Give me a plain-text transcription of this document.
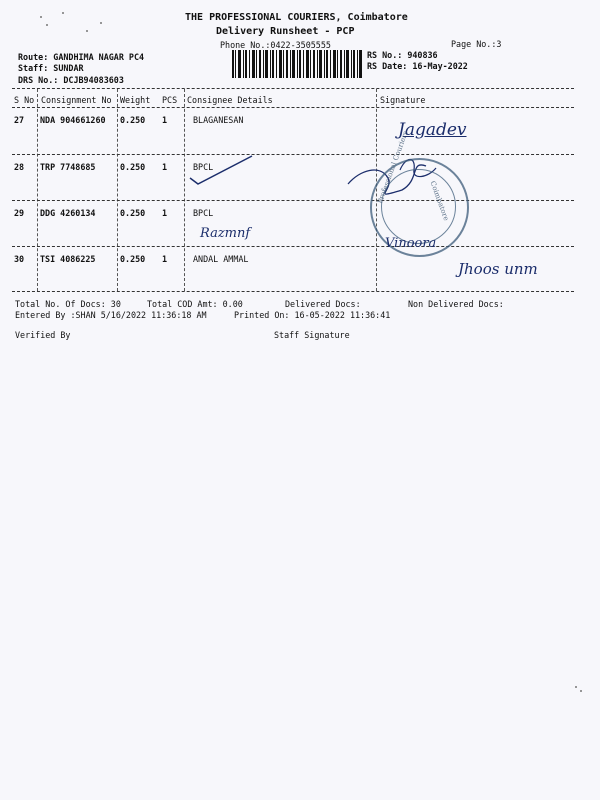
THE PROFESSIONAL COURIERS, Coimbatore
Delivery Runsheet - PCP
Phone No.:0422-3505555	Page No.:3
Route: GANDHIMA NAGAR PC4
Staff: SUNDAR
DRS No.: DCJB94083603
RS No.: 940836
RS Date: 16-May-2022
S No Consignment No Weight PCS Consignee Details	Signature
27 NDA 904661260 0.250 1	BLAGANESAN
28 TRP 7748685	0.250 1	BPCL
29 DDG 4260134	0.250 1	BPCL
30 TSI 4086225	0.250 1	ANDAL AMMAL
Jagadev
Professional Couriers	Coimbatore
Razmnf
Vinoora
Jhoos unm
Total No. Of Docs: 30	Total COD Amt: 0.00	Delivered Docs:	Non Delivered Docs:
Entered By :SHAN 5/16/2022 11:36:18 AM	Printed On: 16-05-2022 11:36:41
Verified By	Staff Signature
